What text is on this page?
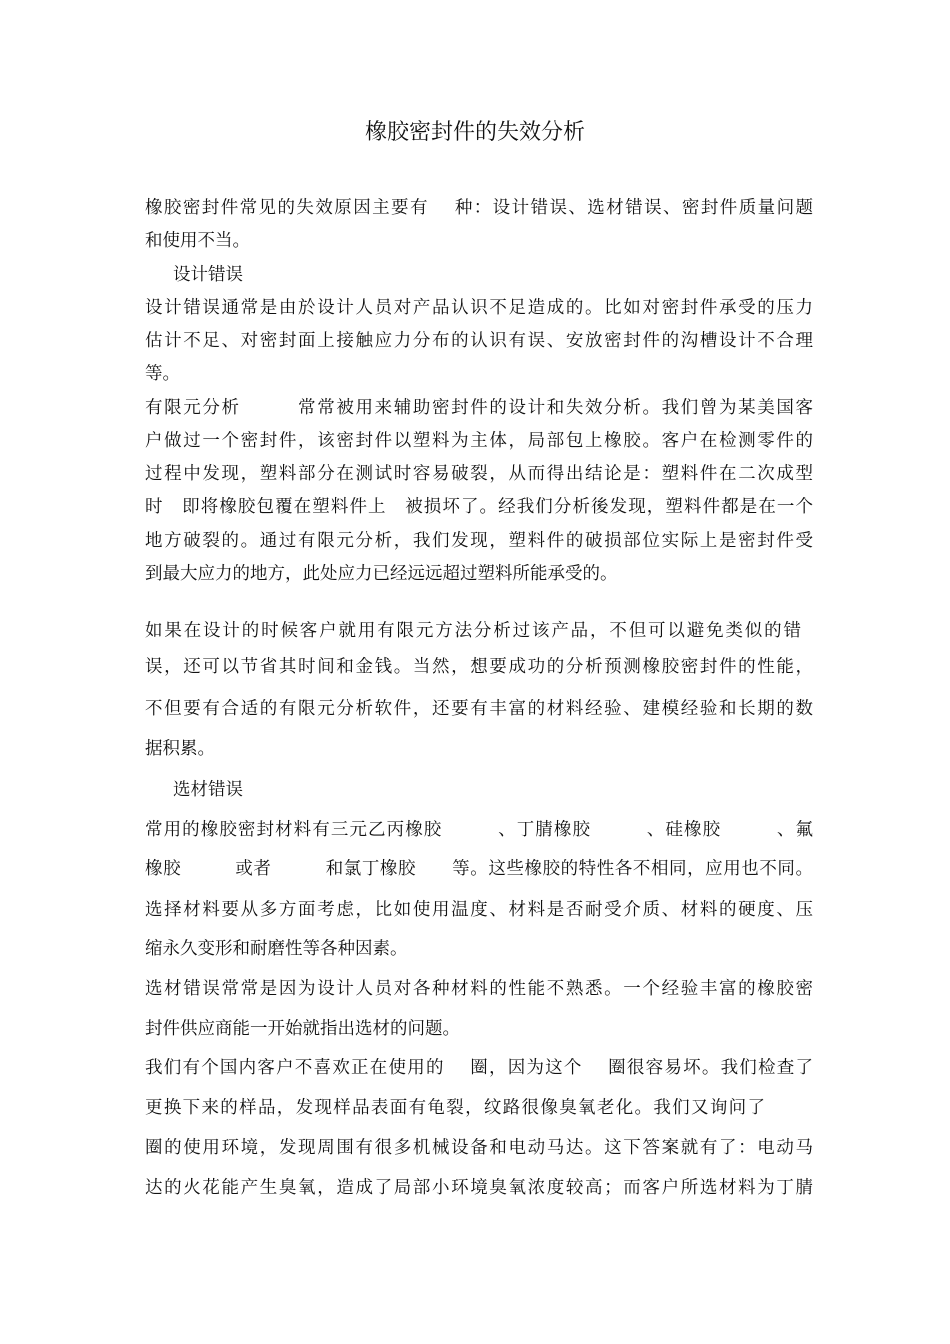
橡胶密封件的失效分析
橡胶密封件常见的失效原因主要有　 种：设计错误、选材错误、密封件质量问题
和使用不当。
设计错误
设计错误通常是由於设计人员对产品认识不足造成的。比如对密封件承受的压力
估计不足、对密封面上接触应力分布的认识有误、安放密封件的沟槽设计不合理
等。
有限元分析　　　常常被用来辅助密封件的设计和失效分析。我们曾为某美国客
户做过一个密封件，该密封件以塑料为主体，局部包上橡胶。客户在检测零件的
过程中发现，塑料部分在测试时容易破裂，从而得出结论是：塑料件在二次成型
时　即将橡胶包覆在塑料件上　被损坏了。经我们分析後发现，塑料件都是在一个
地方破裂的。通过有限元分析，我们发现，塑料件的破损部位实际上是密封件受
到最大应力的地方，此处应力已经远远超过塑料所能承受的。
如果在设计的时候客户就用有限元方法分析过该产品，不但可以避免类似的错
误，还可以节省其时间和金钱。当然，想要成功的分析预测橡胶密封件的性能，
不但要有合适的有限元分析软件，还要有丰富的材料经验、建模经验和长期的数
据积累。
选材错误
常用的橡胶密封材料有三元乙丙橡胶　　　、丁腈橡胶　　　、硅橡胶　　　、氟
橡胶　　　或者　　　和氯丁橡胶　　等。这些橡胶的特性各不相同，应用也不同。
选择材料要从多方面考虑，比如使用温度、材料是否耐受介质、材料的硬度、压
缩永久变形和耐磨性等各种因素。
选材错误常常是因为设计人员对各种材料的性能不熟悉。一个经验丰富的橡胶密
封件供应商能一开始就指出选材的问题。
我们有个国内客户不喜欢正在使用的　 圈，因为这个　 圈很容易坏。我们检查了
更换下来的样品，发现样品表面有龟裂，纹路很像臭氧老化。我们又询问了
圈的使用环境，发现周围有很多机械设备和电动马达。这下答案就有了：电动马
达的火花能产生臭氧，造成了局部小环境臭氧浓度较高；而客户所选材料为丁腈
